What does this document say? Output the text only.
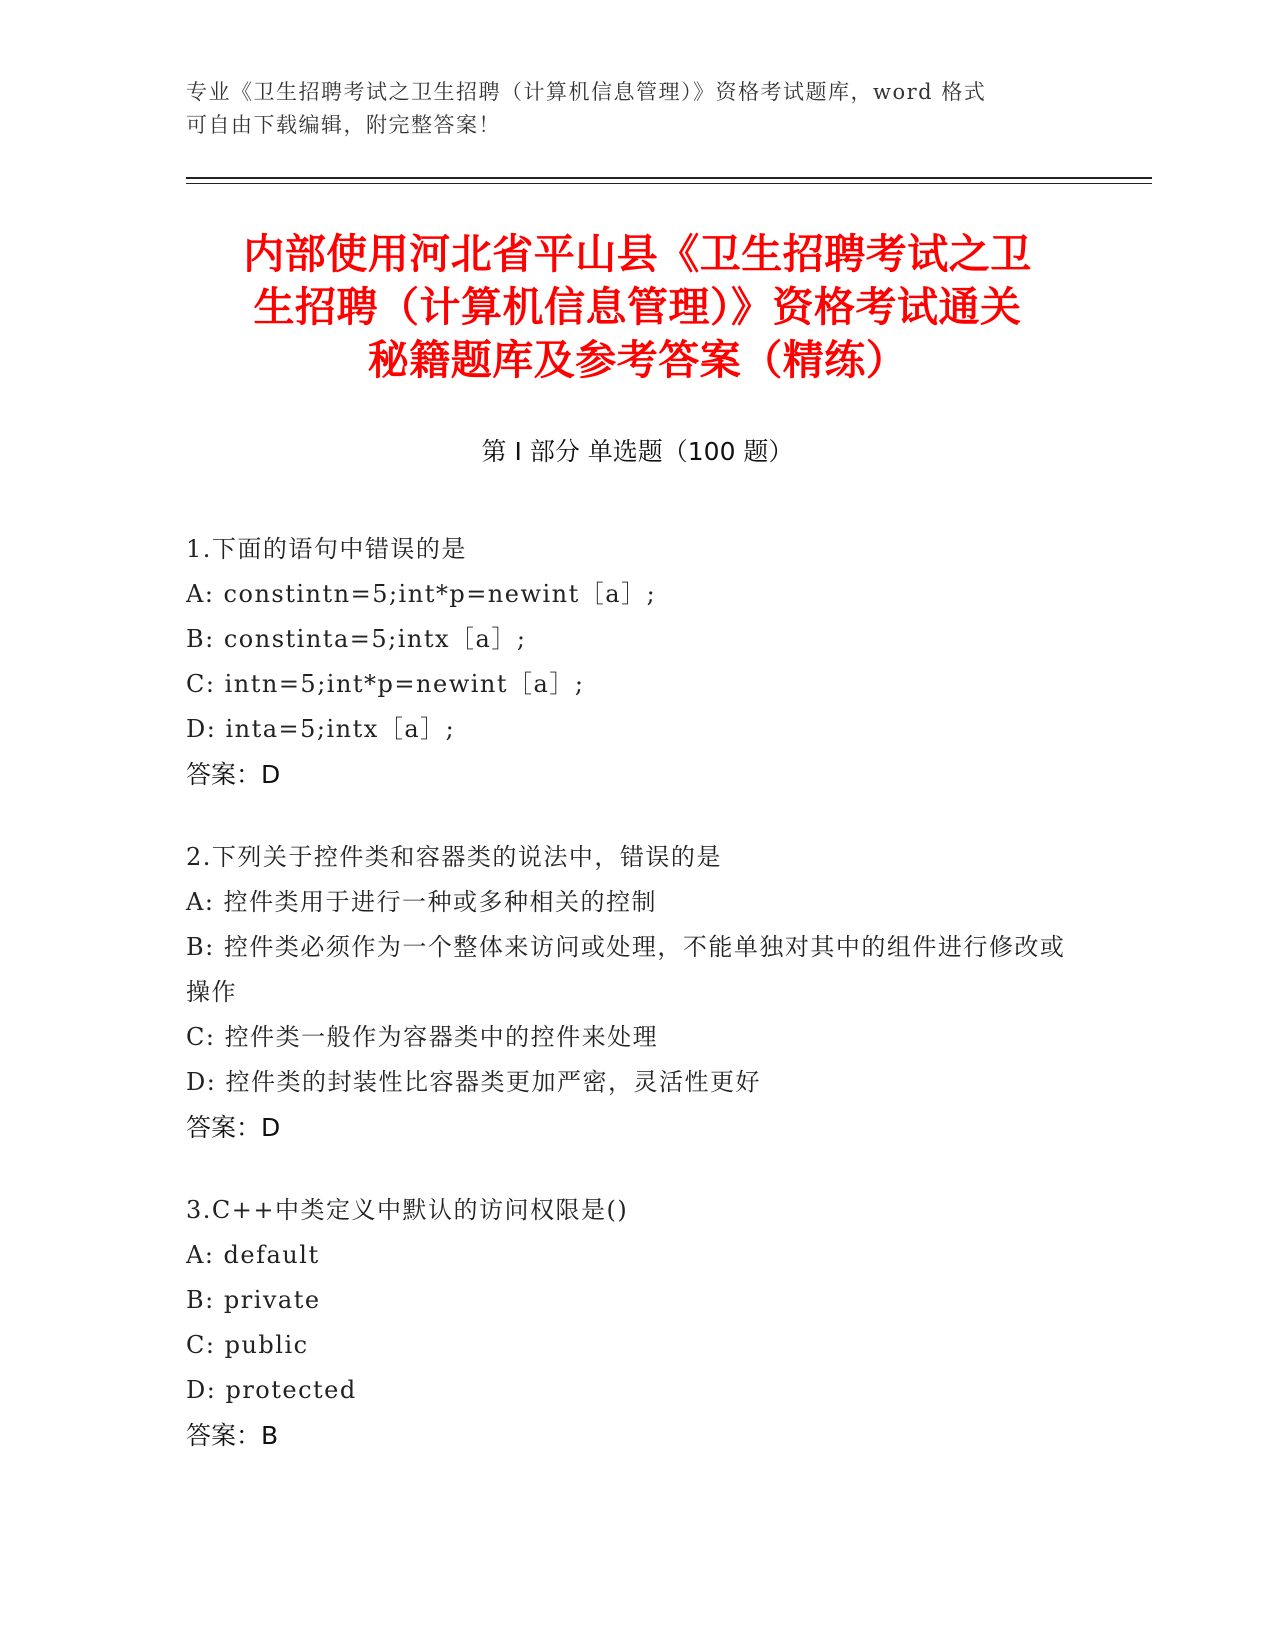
专业《卫生招聘考试之卫生招聘（计算机信息管理）》资格考试题库，word 格式
可自由下载编辑，附完整答案！
内部使用河北省平山县《卫生招聘考试之卫
生招聘（计算机信息管理）》资格考试通关
秘籍题库及参考答案（精练）
第 I 部分 单选题（100 题）
1.下面的语句中错误的是
A: constintn=5;int*p=newint［a］;
B: constinta=5;intx［a］;
C: intn=5;int*p=newint［a］;
D: inta=5;intx［a］;
答案：D
2.下列关于控件类和容器类的说法中，错误的是
A: 控件类用于进行一种或多种相关的控制
B: 控件类必须作为一个整体来访问或处理，不能单独对其中的组件进行修改或操作
C: 控件类一般作为容器类中的控件来处理
D: 控件类的封装性比容器类更加严密，灵活性更好
答案：D
3.C++中类定义中默认的访问权限是()
A: default
B: private
C: public
D: protected
答案：B
